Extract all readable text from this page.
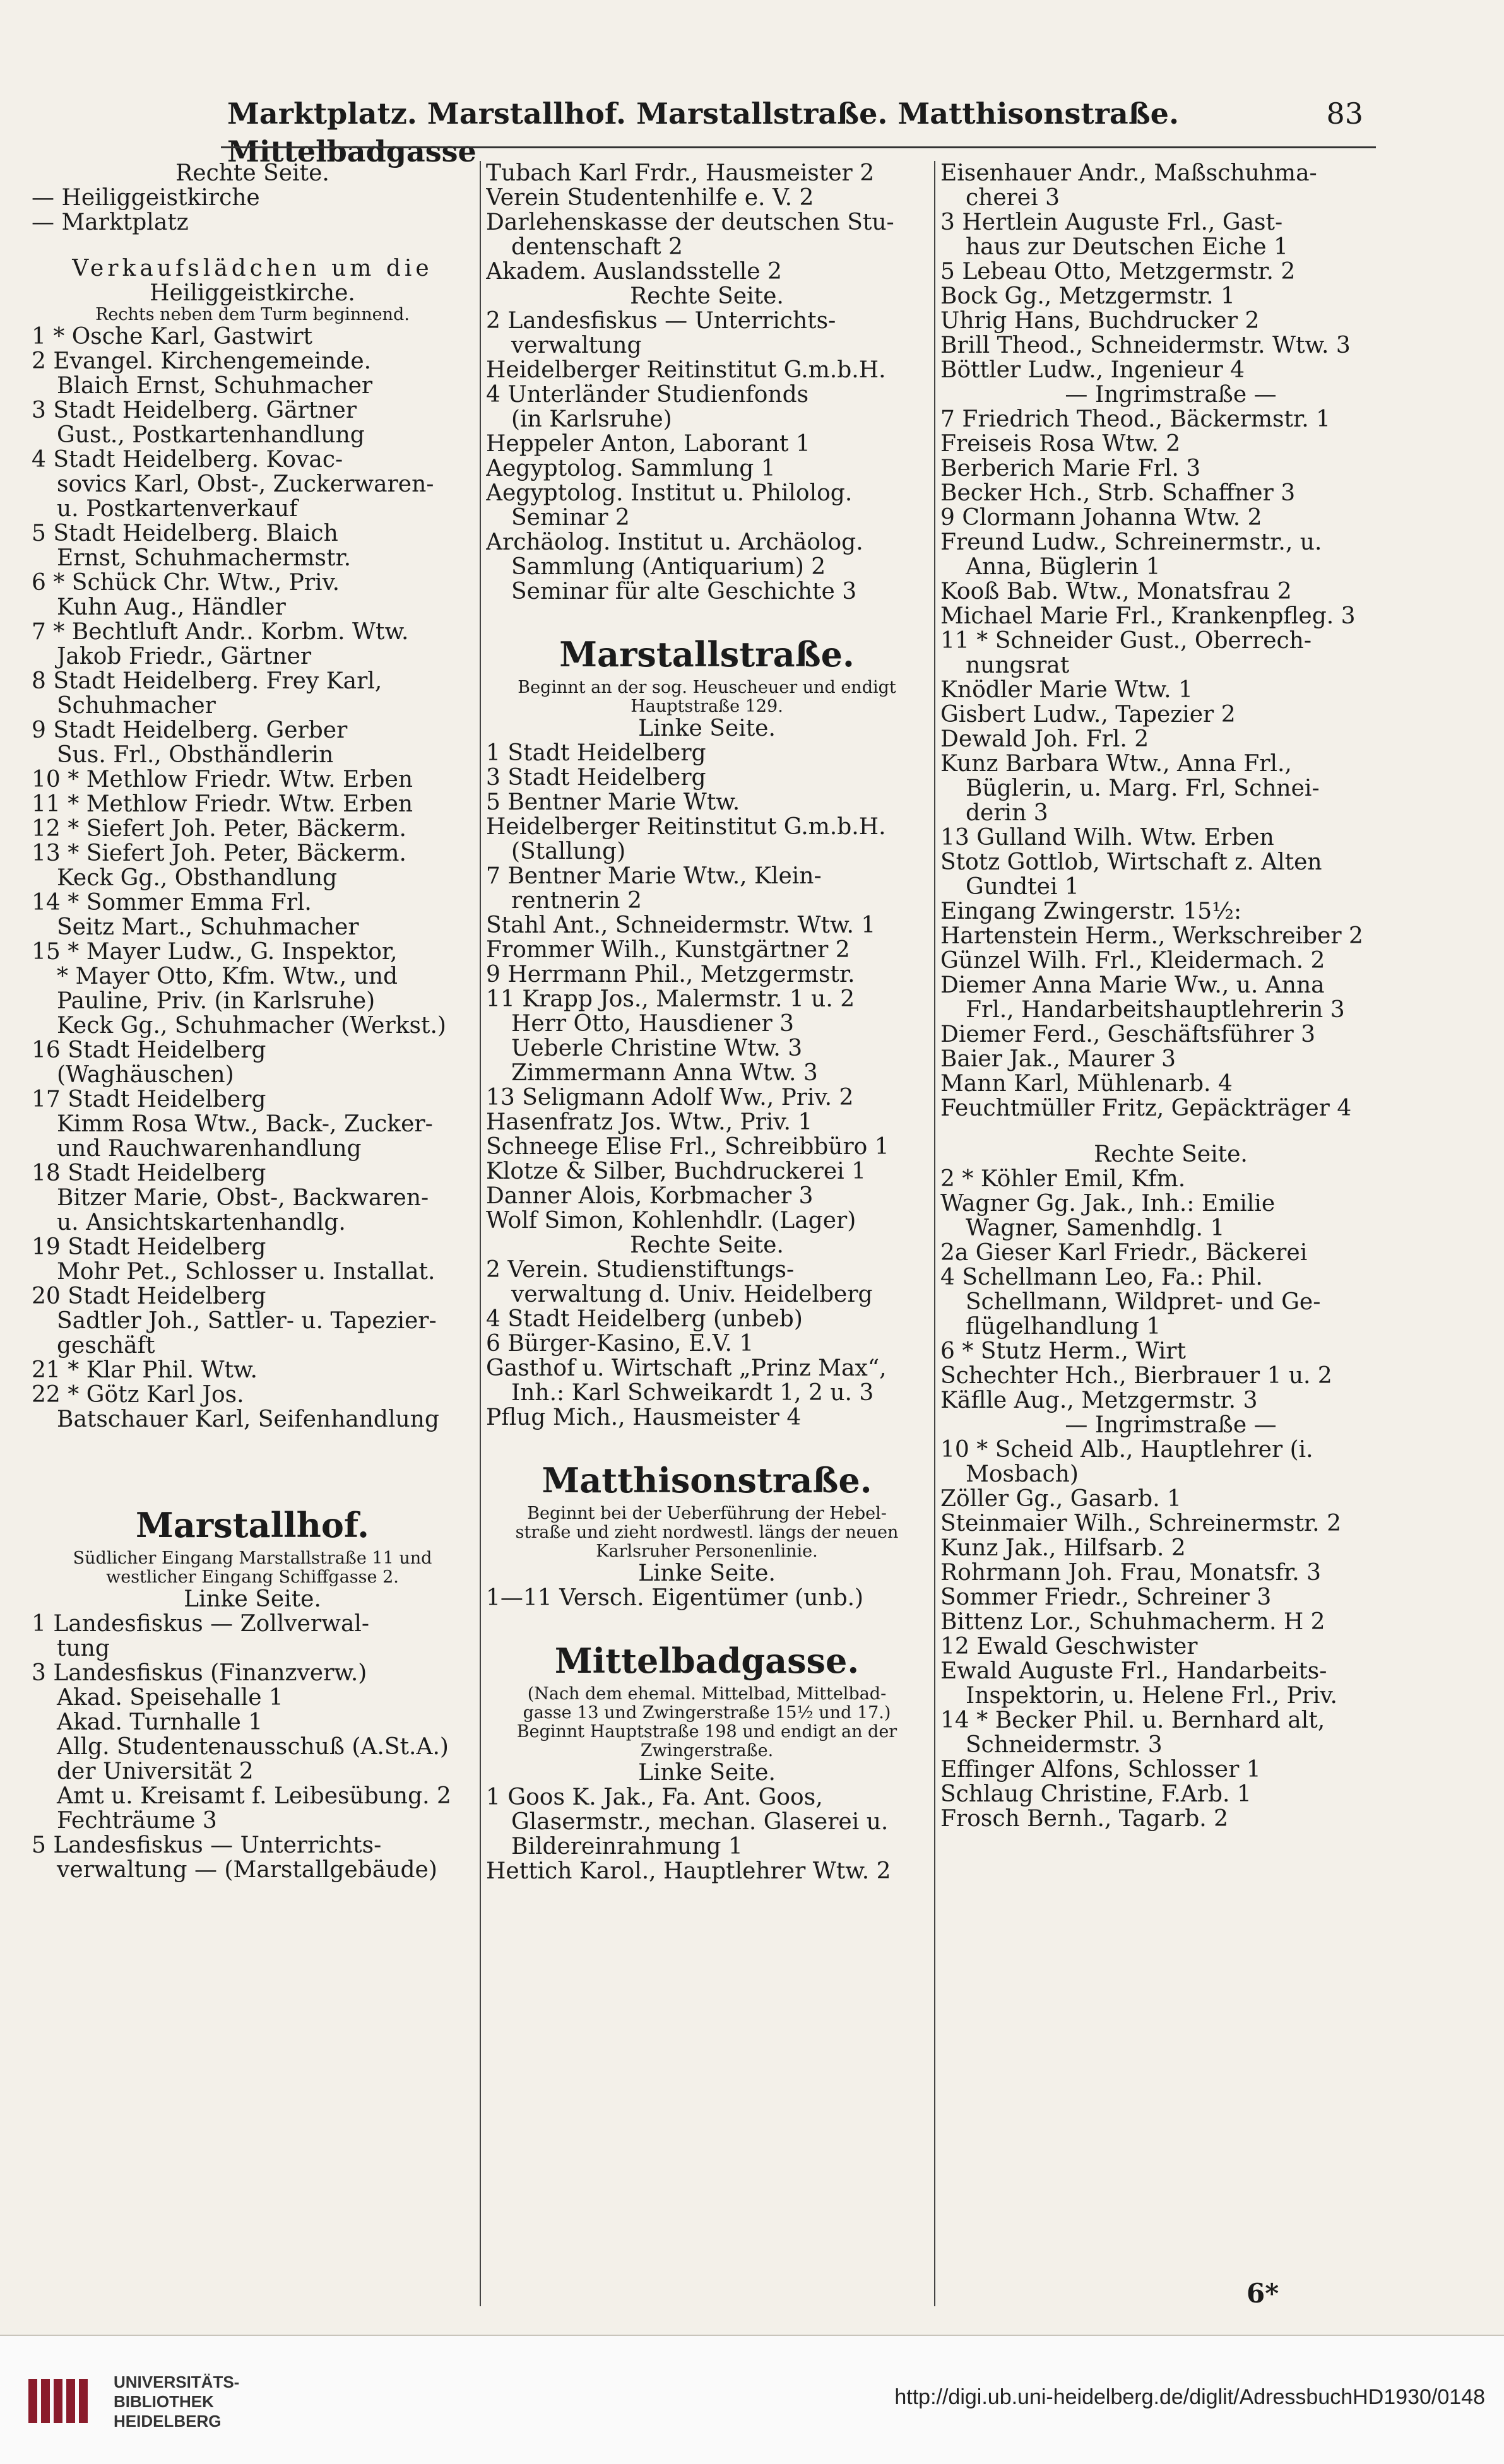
Marktplatz. Marstallhof. Marstallstraße. Matthisonstraße. Mittelbadgasse
83
Rechte Seite.
— Heiliggeistkirche
— Marktplatz
Verkaufslädchen um die
Heiliggeistkirche.
Rechts neben dem Turm beginnend.
1 * Osche Karl, Gastwirt
2 Evangel. Kirchengemeinde.
Blaich Ernst, Schuhmacher
3 Stadt Heidelberg. Gärtner
Gust., Postkartenhandlung
4 Stadt Heidelberg. Kovac-
sovics Karl, Obst-, Zuckerwaren-
u. Postkartenverkauf
5 Stadt Heidelberg. Blaich
Ernst, Schuhmachermstr.
6 * Schück Chr. Wtw., Priv.
Kuhn Aug., Händler
7 * Bechtluft Andr.. Korbm. Wtw.
Jakob Friedr., Gärtner
8 Stadt Heidelberg. Frey Karl,
Schuhmacher
9 Stadt Heidelberg. Gerber
Sus. Frl., Obsthändlerin
10 * Methlow Friedr. Wtw. Erben
11 * Methlow Friedr. Wtw. Erben
12 * Siefert Joh. Peter, Bäckerm.
13 * Siefert Joh. Peter, Bäckerm.
Keck Gg., Obsthandlung
14 * Sommer Emma Frl.
Seitz Mart., Schuhmacher
15 * Mayer Ludw., G. Inspektor,
* Mayer Otto, Kfm. Wtw., und
Pauline, Priv. (in Karlsruhe)
Keck Gg., Schuhmacher (Werkst.)
16 Stadt Heidelberg
(Waghäuschen)
17 Stadt Heidelberg
Kimm Rosa Wtw., Back-, Zucker-
und Rauchwarenhandlung
18 Stadt Heidelberg
Bitzer Marie, Obst-, Backwaren-
u. Ansichtskartenhandlg.
19 Stadt Heidelberg
Mohr Pet., Schlosser u. Installat.
20 Stadt Heidelberg
Sadtler Joh., Sattler- u. Tapezier-
geschäft
21 * Klar Phil. Wtw.
22 * Götz Karl Jos.
Batschauer Karl, Seifenhandlung
Marstallhof.
Südlicher Eingang Marstallstraße 11 und
westlicher Eingang Schiffgasse 2.
Linke Seite.
1 Landesfiskus — Zollverwal-
tung
3 Landesfiskus (Finanzverw.)
Akad. Speisehalle 1
Akad. Turnhalle 1
Allg. Studentenausschuß (A.St.A.)
der Universität 2
Amt u. Kreisamt f. Leibesübung. 2
Fechträume 3
5 Landesfiskus — Unterrichts-
verwaltung — (Marstallgebäude)
Tubach Karl Frdr., Hausmeister 2
Verein Studentenhilfe e. V. 2
Darlehenskasse der deutschen Stu-
dentenschaft 2
Akadem. Auslandsstelle 2
Rechte Seite.
2 Landesfiskus — Unterrichts-
verwaltung
Heidelberger Reitinstitut G.m.b.H.
4 Unterländer Studienfonds
(in Karlsruhe)
Heppeler Anton, Laborant 1
Aegyptolog. Sammlung 1
Aegyptolog. Institut u. Philolog.
Seminar 2
Archäolog. Institut u. Archäolog.
Sammlung (Antiquarium) 2
Seminar für alte Geschichte 3
Marstallstraße.
Beginnt an der sog. Heuscheuer und endigt
Hauptstraße 129.
Linke Seite.
1 Stadt Heidelberg
3 Stadt Heidelberg
5 Bentner Marie Wtw.
Heidelberger Reitinstitut G.m.b.H.
(Stallung)
7 Bentner Marie Wtw., Klein-
rentnerin 2
Stahl Ant., Schneidermstr. Wtw. 1
Frommer Wilh., Kunstgärtner 2
9 Herrmann Phil., Metzgermstr.
11 Krapp Jos., Malermstr. 1 u. 2
Herr Otto, Hausdiener 3
Ueberle Christine Wtw. 3
Zimmermann Anna Wtw. 3
13 Seligmann Adolf Ww., Priv. 2
Hasenfratz Jos. Wtw., Priv. 1
Schneege Elise Frl., Schreibbüro 1
Klotze & Silber, Buchdruckerei 1
Danner Alois, Korbmacher 3
Wolf Simon, Kohlenhdlr. (Lager)
Rechte Seite.
2 Verein. Studienstiftungs-
verwaltung d. Univ. Heidelberg
4 Stadt Heidelberg (unbeb)
6 Bürger-Kasino, E.V. 1
Gasthof u. Wirtschaft „Prinz Max“,
Inh.: Karl Schweikardt 1, 2 u. 3
Pflug Mich., Hausmeister 4
Matthisonstraße.
Beginnt bei der Ueberführung der Hebel-
straße und zieht nordwestl. längs der neuen
Karlsruher Personenlinie.
Linke Seite.
1—11 Versch. Eigentümer (unb.)
Mittelbadgasse.
(Nach dem ehemal. Mittelbad, Mittelbad-
gasse 13 und Zwingerstraße 15½ und 17.)
Beginnt Hauptstraße 198 und endigt an der
Zwingerstraße.
Linke Seite.
1 Goos K. Jak., Fa. Ant. Goos,
Glasermstr., mechan. Glaserei u.
Bildereinrahmung 1
Hettich Karol., Hauptlehrer Wtw. 2
Eisenhauer Andr., Maßschuhma-
cherei 3
3 Hertlein Auguste Frl., Gast-
haus zur Deutschen Eiche 1
5 Lebeau Otto, Metzgermstr. 2
Bock Gg., Metzgermstr. 1
Uhrig Hans, Buchdrucker 2
Brill Theod., Schneidermstr. Wtw. 3
Böttler Ludw., Ingenieur 4
— Ingrimstraße —
7 Friedrich Theod., Bäckermstr. 1
Freiseis Rosa Wtw. 2
Berberich Marie Frl. 3
Becker Hch., Strb. Schaffner 3
9 Clormann Johanna Wtw. 2
Freund Ludw., Schreinermstr., u.
Anna, Büglerin 1
Kooß Bab. Wtw., Monatsfrau 2
Michael Marie Frl., Krankenpfleg. 3
11 * Schneider Gust., Oberrech-
nungsrat
Knödler Marie Wtw. 1
Gisbert Ludw., Tapezier 2
Dewald Joh. Frl. 2
Kunz Barbara Wtw., Anna Frl.,
Büglerin, u. Marg. Frl, Schnei-
derin 3
13 Gulland Wilh. Wtw. Erben
Stotz Gottlob, Wirtschaft z. Alten
Gundtei 1
Eingang Zwingerstr. 15½:
Hartenstein Herm., Werkschreiber 2
Günzel Wilh. Frl., Kleidermach. 2
Diemer Anna Marie Ww., u. Anna
Frl., Handarbeitshauptlehrerin 3
Diemer Ferd., Geschäftsführer 3
Baier Jak., Maurer 3
Mann Karl, Mühlenarb. 4
Feuchtmüller Fritz, Gepäckträger 4
Rechte Seite.
2 * Köhler Emil, Kfm.
Wagner Gg. Jak., Inh.: Emilie
Wagner, Samenhdlg. 1
2a Gieser Karl Friedr., Bäckerei
4 Schellmann Leo, Fa.: Phil.
Schellmann, Wildpret- und Ge-
flügelhandlung 1
6 * Stutz Herm., Wirt
Schechter Hch., Bierbrauer 1 u. 2
Käflle Aug., Metzgermstr. 3
— Ingrimstraße —
10 * Scheid Alb., Hauptlehrer (i.
Mosbach)
Zöller Gg., Gasarb. 1
Steinmaier Wilh., Schreinermstr. 2
Kunz Jak., Hilfsarb. 2
Rohrmann Joh. Frau, Monatsfr. 3
Sommer Friedr., Schreiner 3
Bittenz Lor., Schuhmacherm. H 2
12 Ewald Geschwister
Ewald Auguste Frl., Handarbeits-
Inspektorin, u. Helene Frl., Priv.
14 * Becker Phil. u. Bernhard alt,
Schneidermstr. 3
Effinger Alfons, Schlosser 1
Schlaug Christine, F.Arb. 1
Frosch Bernh., Tagarb. 2
6*
UNIVERSITÄTS-
BIBLIOTHEK
HEIDELBERG
http://digi.ub.uni-heidelberg.de/diglit/AdressbuchHD1930/0148
